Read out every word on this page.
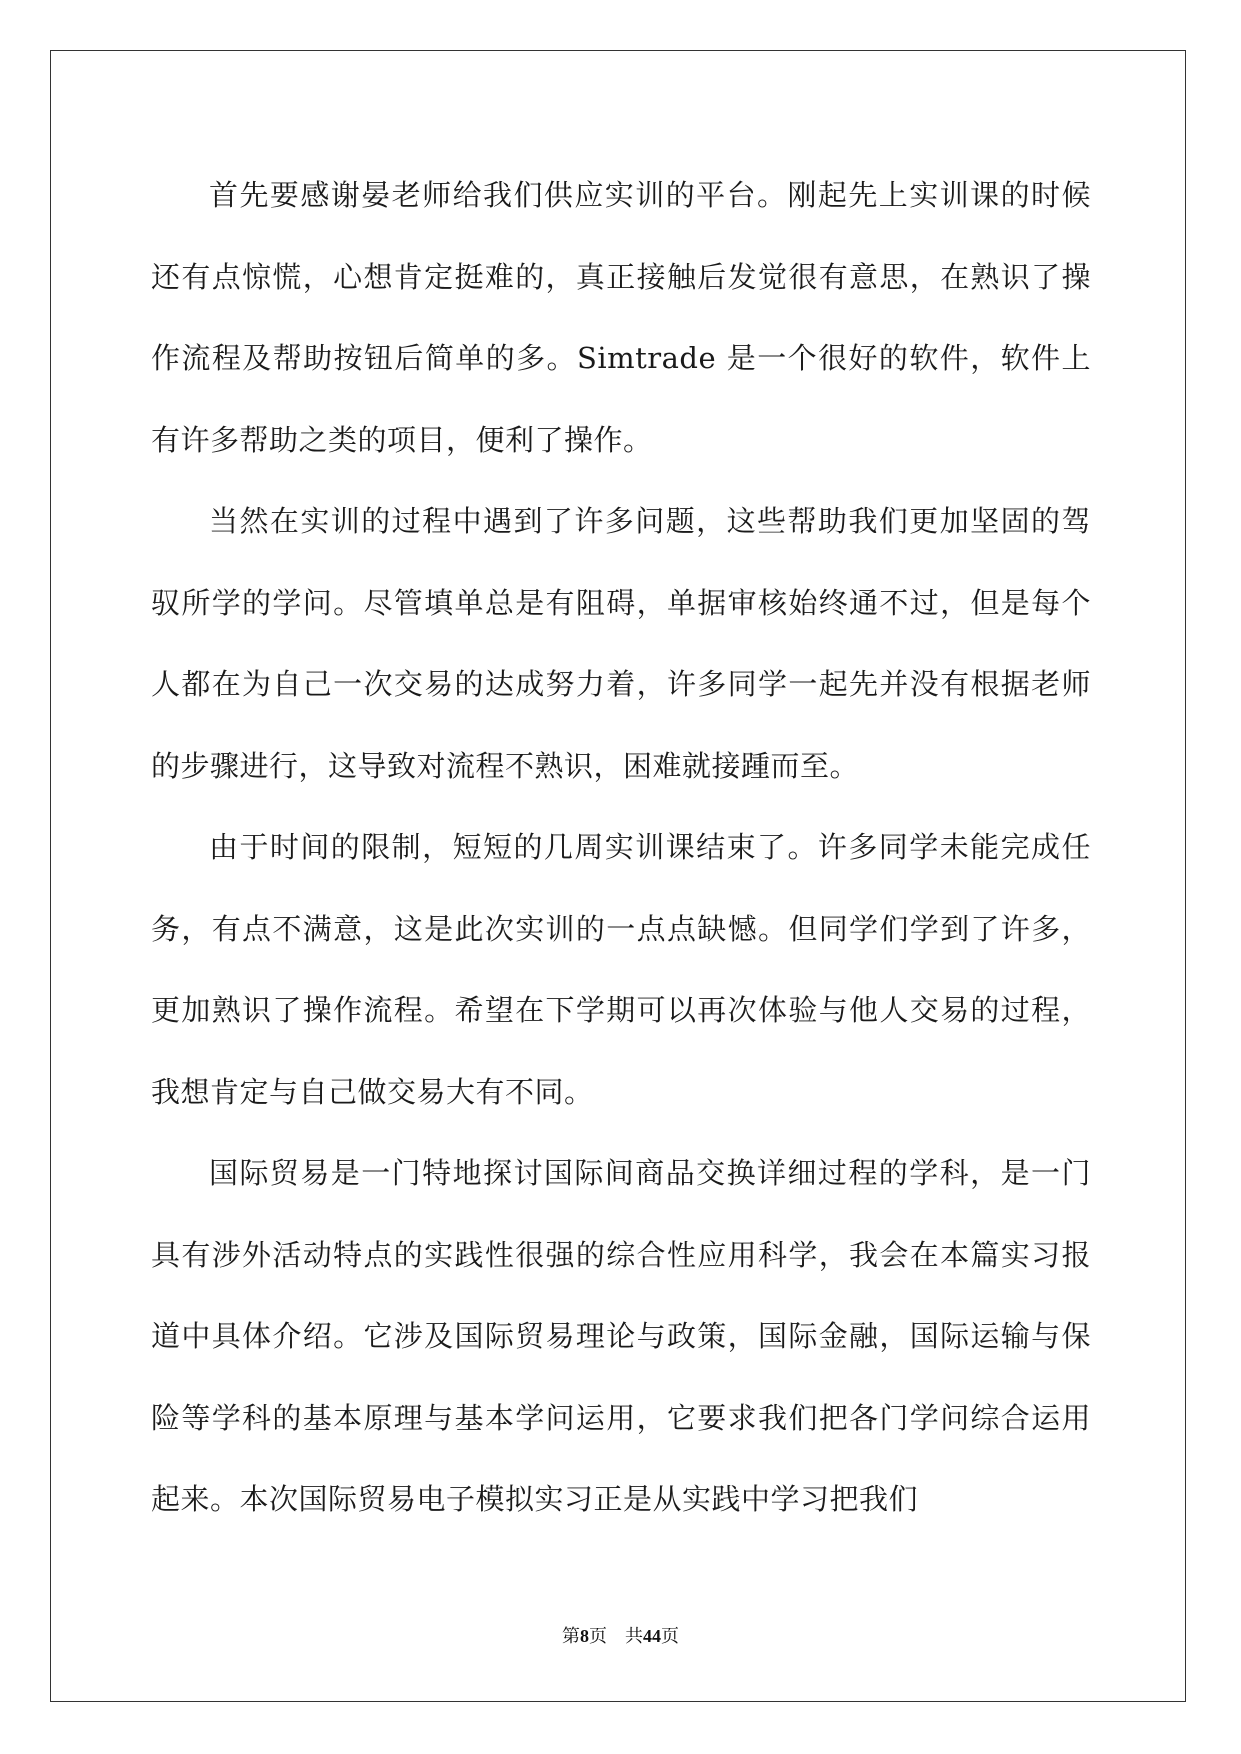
首先要感谢晏老师给我们供应实训的平台。刚起先上实训课的时候还有点惊慌，心想肯定挺难的，真正接触后发觉很有意思，在熟识了操作流程及帮助按钮后简单的多。Simtrade 是一个很好的软件，软件上有许多帮助之类的项目，便利了操作。

当然在实训的过程中遇到了许多问题，这些帮助我们更加坚固的驾驭所学的学问。尽管填单总是有阻碍，单据审核始终通不过，但是每个人都在为自己一次交易的达成努力着，许多同学一起先并没有根据老师的步骤进行，这导致对流程不熟识，困难就接踵而至。

由于时间的限制，短短的几周实训课结束了。许多同学未能完成任务，有点不满意，这是此次实训的一点点缺憾。但同学们学到了许多，更加熟识了操作流程。希望在下学期可以再次体验与他人交易的过程，我想肯定与自己做交易大有不同。

国际贸易是一门特地探讨国际间商品交换详细过程的学科，是一门具有涉外活动特点的实践性很强的综合性应用科学，我会在本篇实习报道中具体介绍。它涉及国际贸易理论与政策，国际金融，国际运输与保险等学科的基本原理与基本学问运用，它要求我们把各门学问综合运用起来。本次国际贸易电子模拟实习正是从实践中学习把我们

第8页 共44页
